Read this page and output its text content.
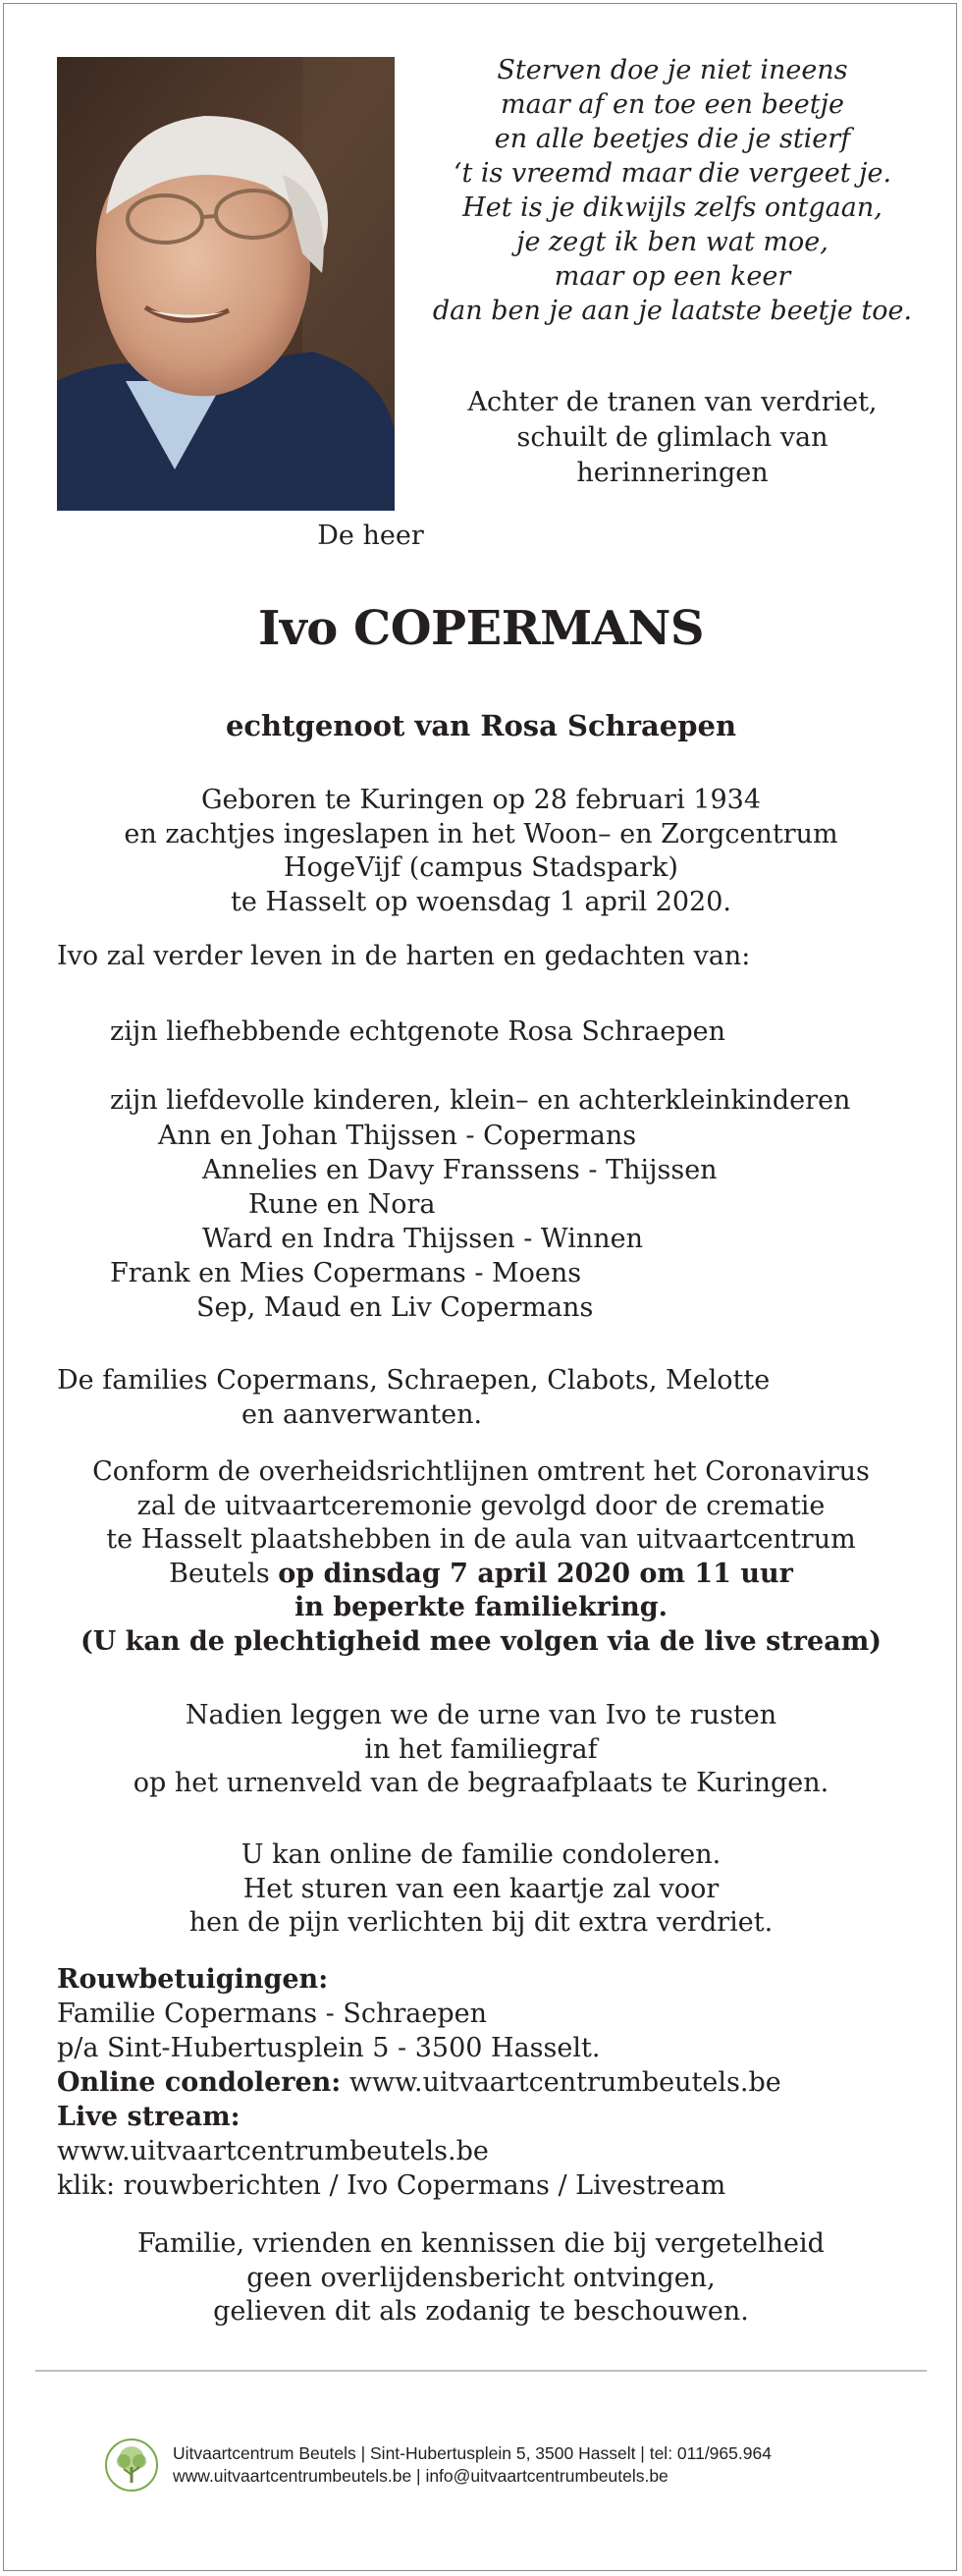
Sterven doe je niet ineens
maar af en toe een beetje
en alle beetjes die je stierf
‘t is vreemd maar die vergeet je.
Het is je dikwijls zelfs ontgaan,
je zegt ik ben wat moe,
maar op een keer
dan ben je aan je laatste beetje toe.
Achter de tranen van verdriet,
schuilt de glimlach van
herinneringen
De heer
Ivo COPERMANS
echtgenoot van Rosa Schraepen
Geboren te Kuringen op 28 februari 1934
en zachtjes ingeslapen in het Woon– en Zorgcentrum
HogeVijf (campus Stadspark)
te Hasselt op woensdag 1 april 2020.
Ivo zal verder leven in de harten en gedachten van:
zijn liefhebbende echtgenote Rosa Schraepen
zijn liefdevolle kinderen, klein– en achterkleinkinderen
Ann en Johan Thijssen - Copermans
Annelies en Davy Franssens - Thijssen
Rune en Nora
Ward en Indra Thijssen - Winnen
Frank en Mies Copermans - Moens
Sep, Maud en Liv Copermans
De families Copermans, Schraepen, Clabots, Melotte
en aanverwanten.
Conform de overheidsrichtlijnen omtrent het Coronavirus
zal de uitvaartceremonie gevolgd door de crematie
te Hasselt plaatshebben in de aula van uitvaartcentrum
Beutels op dinsdag 7 april 2020 om 11 uur
in beperkte familiekring.
(U kan de plechtigheid mee volgen via de live stream)
Nadien leggen we de urne van Ivo te rusten
in het familiegraf
op het urnenveld van de begraafplaats te Kuringen.
U kan online de familie condoleren.
Het sturen van een kaartje zal voor
hen de pijn verlichten bij dit extra verdriet.
Rouwbetuigingen:
Familie Copermans - Schraepen
p/a Sint-Hubertusplein 5 - 3500 Hasselt.
Online condoleren: www.uitvaartcentrumbeutels.be
Live stream:
www.uitvaartcentrumbeutels.be
klik: rouwberichten / Ivo Copermans / Livestream
Familie, vrienden en kennissen die bij vergetelheid
geen overlijdensbericht ontvingen,
gelieven dit als zodanig te beschouwen.
Uitvaartcentrum Beutels | Sint-Hubertusplein 5, 3500 Hasselt | tel: 011/965.964
www.uitvaartcentrumbeutels.be | info@uitvaartcentrumbeutels.be
